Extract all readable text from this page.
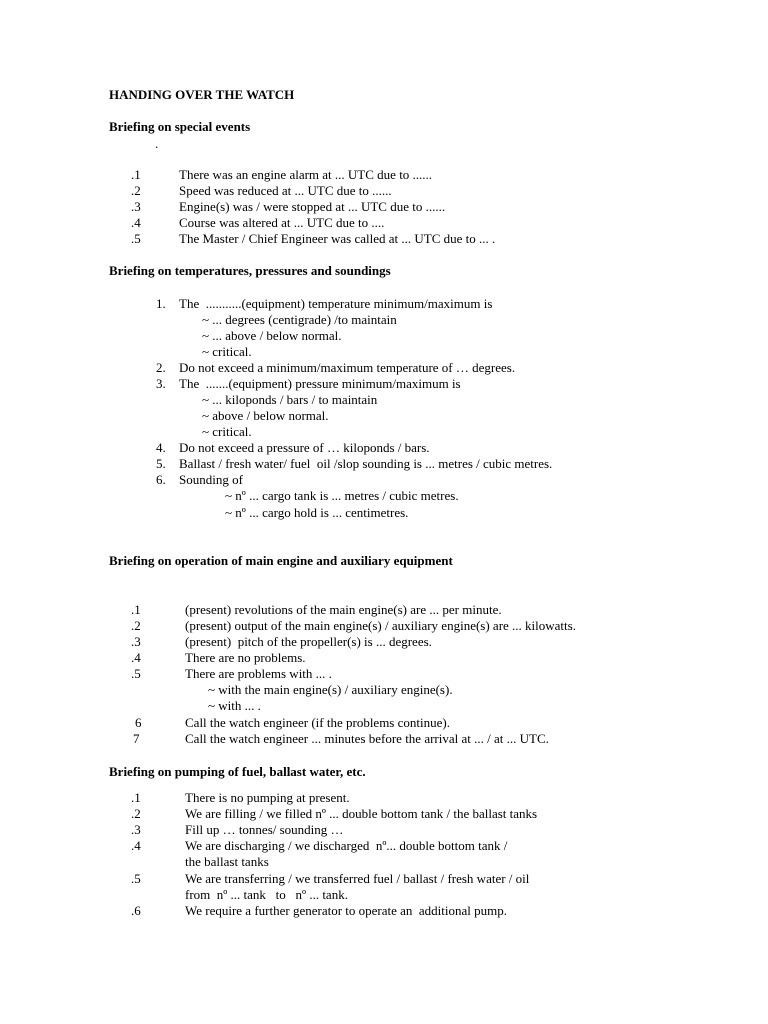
HANDING OVER THE WATCH
Briefing on special events
.
.1	There was an engine alarm at ... UTC due to ......
.2	Speed was reduced at ... UTC due to ......
.3	Engine(s) was / were stopped at ... UTC due to ......
.4	Course was altered at ... UTC due to ....
.5	The Master / Chief Engineer was called at ... UTC due to ... .
Briefing on temperatures, pressures and soundings
1. The  ...........(equipment) temperature minimum/maximum is
~ ... degrees (centigrade) /to maintain
~ ... above / below normal.
~ critical.
2. Do not exceed a minimum/maximum temperature of … degrees.
3. The  .......(equipment) pressure minimum/maximum is
~ ... kiloponds / bars / to maintain
~ above / below normal.
~ critical.
4. Do not exceed a pressure of … kiloponds / bars.
5. Ballast / fresh water/ fuel  oil /slop sounding is ... metres / cubic metres.
6. Sounding of
~ nº ... cargo tank is ... metres / cubic metres.
~ nº ... cargo hold is ... centimetres.
Briefing on operation of main engine and auxiliary equipment
.1	(present) revolutions of the main engine(s) are ... per minute.
.2	(present) output of the main engine(s) / auxiliary engine(s) are ... kilowatts.
.3	(present)  pitch of the propeller(s) is ... degrees.
.4	There are no problems.
.5	There are problems with ... .
~ with the main engine(s) / auxiliary engine(s).
~ with ... .
6	Call the watch engineer (if the problems continue).
7	Call the watch engineer ... minutes before the arrival at ... / at ... UTC.
Briefing on pumping of fuel, ballast water, etc.
.1	There is no pumping at present.
.2	We are filling / we filled nº ... double bottom tank / the ballast tanks
.3	Fill up … tonnes/ sounding …
.4	We are discharging / we discharged  nº... double bottom tank /
the ballast tanks
.5	We are transferring / we transferred fuel / ballast / fresh water / oil
from  nº ... tank   to   nº ... tank.
.6	We require a further generator to operate an  additional pump.
